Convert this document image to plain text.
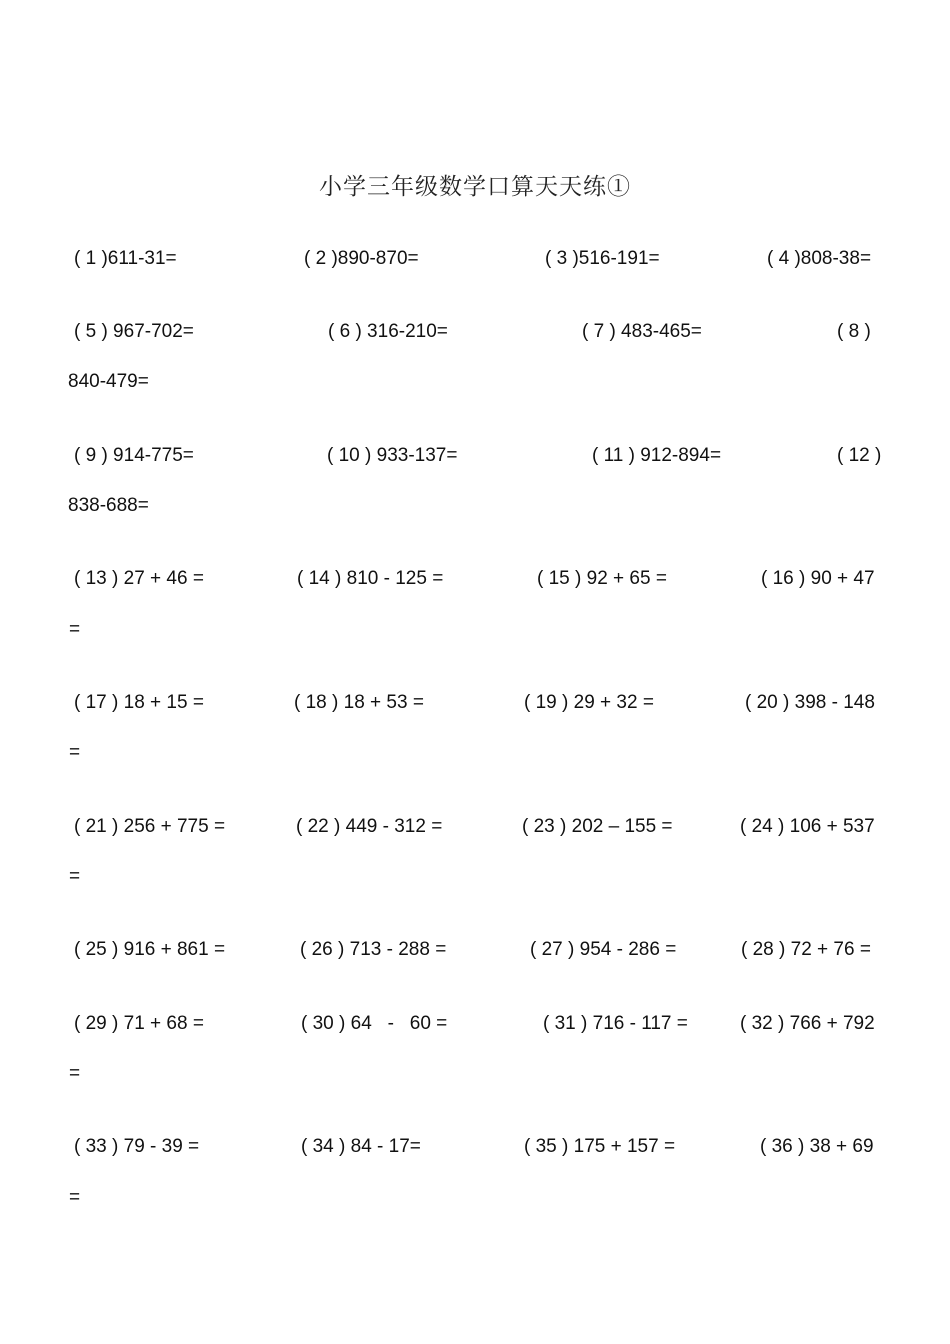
小学三年级数学口算天天练①
( 1 )611-31=	( 2 )890-870=	( 3 )516-191=	( 4 )808-38=
( 5 ) 967-702=	( 6 ) 316-210=	( 7 ) 483-465=	( 8 )
840-479=
( 9 ) 914-775=	( 10 ) 933-137=	( 11 ) 912-894=	( 12 )
838-688=
( 13 ) 27 + 46 =	( 14 ) 810 - 125 =	( 15 ) 92 + 65 =	( 16 ) 90 + 47
=
( 17 ) 18 + 15 =	( 18 ) 18 + 53 =	( 19 ) 29 + 32 =	( 20 ) 398 - 148
=
( 21 ) 256 + 775 =	( 22 ) 449 - 312 =	( 23 ) 202 – 155 =	( 24 ) 106 + 537
=
( 25 ) 916 + 861 =	( 26 ) 713 - 288 =	( 27 ) 954 - 286 =	( 28 ) 72 + 76 =
( 29 ) 71 + 68 =	( 30 ) 64   -   60 =	( 31 ) 716 - 117 =	( 32 ) 766 + 792
=
( 33 ) 79 - 39 =	( 34 ) 84 - 17=	( 35 ) 175 + 157 =	( 36 ) 38 + 69
=
